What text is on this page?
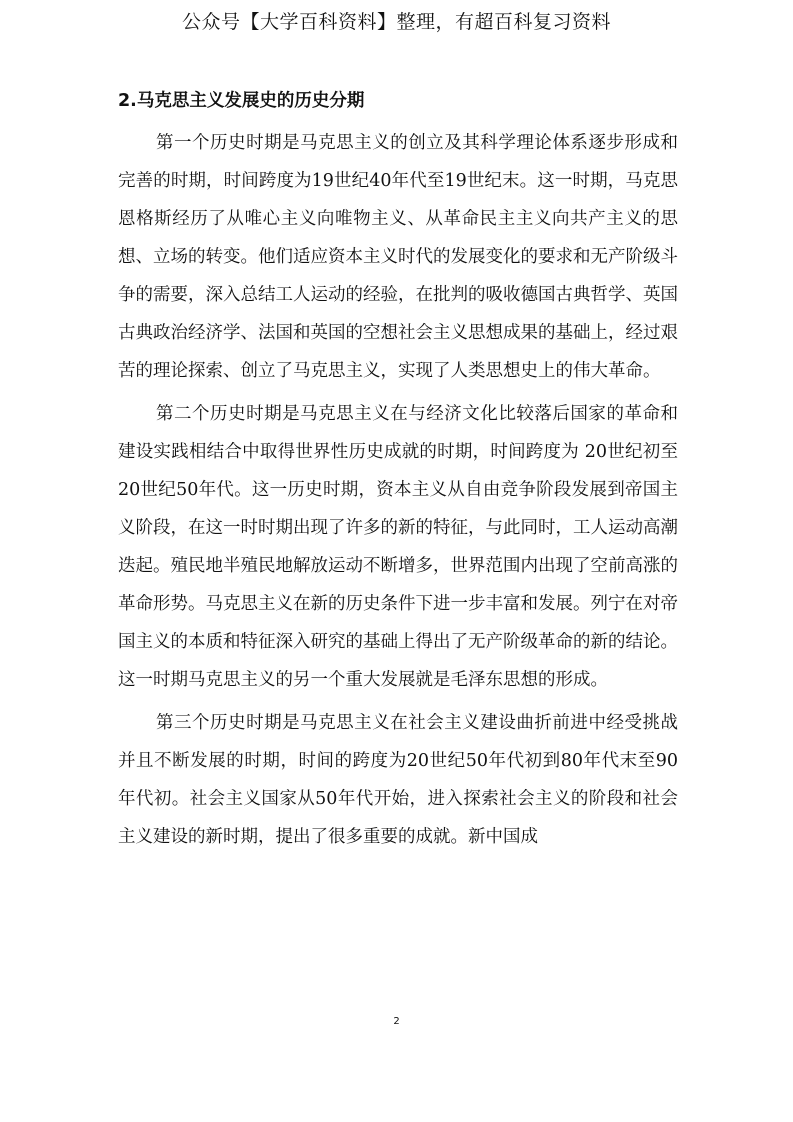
公众号【大学百科资料】整理，有超百科复习资料
2.马克思主义发展史的历史分期

第一个历史时期是马克思主义的创立及其科学理论体系逐步形成和完善的时期，时间跨度为19世纪40年代至19世纪末。这一时期，马克思恩格斯经历了从唯心主义向唯物主义、从革命民主主义向共产主义的思想、立场的转变。他们适应资本主义时代的发展变化的要求和无产阶级斗争的需要，深入总结工人运动的经验，在批判的吸收德国古典哲学、英国古典政治经济学、法国和英国的空想社会主义思想成果的基础上，经过艰苦的理论探索、创立了马克思主义，实现了人类思想史上的伟大革命。

第二个历史时期是马克思主义在与经济文化比较落后国家的革命和建设实践相结合中取得世界性历史成就的时期，时间跨度为 20世纪初至20世纪50年代。这一历史时期，资本主义从自由竞争阶段发展到帝国主义阶段，在这一时时期出现了许多的新的特征，与此同时，工人运动高潮迭起。殖民地半殖民地解放运动不断增多，世界范围内出现了空前高涨的革命形势。马克思主义在新的历史条件下进一步丰富和发展。列宁在对帝国主义的本质和特征深入研究的基础上得出了无产阶级革命的新的结论。这一时期马克思主义的另一个重大发展就是毛泽东思想的形成。

第三个历史时期是马克思主义在社会主义建设曲折前进中经受挑战并且不断发展的时期，时间的跨度为20世纪50年代初到80年代末至90年代初。社会主义国家从50年代开始，进入探索社会主义的阶段和社会主义建设的新时期，提出了很多重要的成就。新中国成

2
